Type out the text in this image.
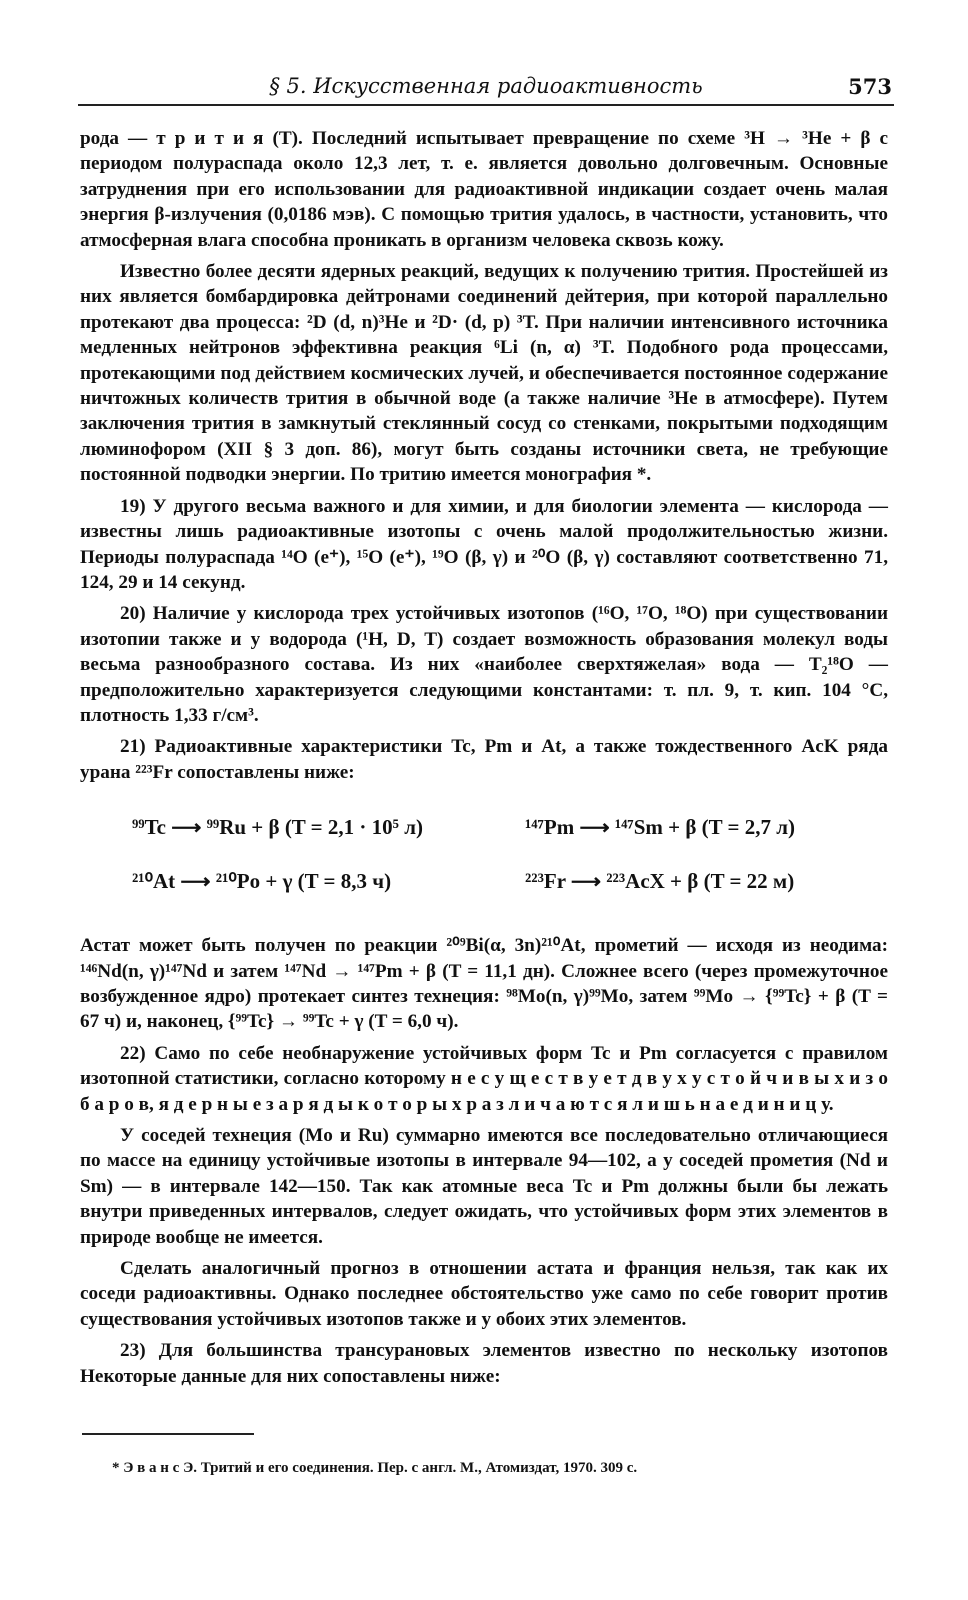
§ 5. Искусственная радиоактивность	573

рода — т р и т и я (Т). Последний испытывает превращение по схеме ³H → ³He + β с периодом полураспада около 12,3 лет, т. е. является довольно долговечным. Основные затруднения при его использовании для радиоактивной индикации создает очень малая энергия β-излучения (0,0186 мэв). С помощью трития удалось, в частности, установить, что атмосферная влага способна проникать в организм человека сквозь кожу.

Известно более десяти ядерных реакций, ведущих к получению трития. Простейшей из них является бомбардировка дейтронами соединений дейтерия, при которой параллельно протекают два процесса: ²D (d, n)³He и ²D· (d, p) ³T. При наличии интенсивного источника медленных нейтронов эффективна реакция ⁶Li (n, α) ³T. Подобного рода процессами, протекающими под действием космических лучей, и обеспечивается постоянное содержание ничтожных количеств трития в обычной воде (а также наличие ³He в атмосфере). Путем заключения трития в замкнутый стеклянный сосуд со стенками, покрытыми подходящим люминофором (XII § 3 доп. 86), могут быть созданы источники света, не требующие постоянной подводки энергии. По тритию имеется монография *.

19) У другого весьма важного и для химии, и для биологии элемента — кислорода — известны лишь радиоактивные изотопы с очень малой продолжительностью жизни. Периоды полураспада ¹⁴O (e⁺), ¹⁵O (e⁺), ¹⁹O (β, γ) и ²⁰O (β, γ) составляют соответственно 71, 124, 29 и 14 секунд.

20) Наличие у кислорода трех устойчивых изотопов (¹⁶O, ¹⁷O, ¹⁸O) при существовании изотопии также и у водорода (¹H, D, T) создает возможность образования молекул воды весьма разнообразного состава. Из них «наиболее сверхтяжелая» вода — T₂¹⁸O — предположительно характеризуется следующими константами: т. пл. 9, т. кип. 104 °С, плотность 1,33 г/см³.

21) Радиоактивные характеристики Tc, Pm и At, а также тождественного AcK ряда урана ²²³Fr сопоставлены ниже:

⁹⁹Tc ⟶ ⁹⁹Ru + β (T = 2,1 · 10⁵ л)	¹⁴⁷Pm ⟶ ¹⁴⁷Sm + β (T = 2,7 л)
²¹⁰At ⟶ ²¹⁰Po + γ (T = 8,3 ч)	²²³Fr ⟶ ²²³AcX + β (T = 22 м)

Астат может быть получен по реакции ²⁰⁹Bi(α, 3n)²¹⁰At, прометий — исходя из неодима: ¹⁴⁶Nd(n, γ)¹⁴⁷Nd и затем ¹⁴⁷Nd → ¹⁴⁷Pm + β (T = 11,1 дн). Сложнее всего (через промежуточное возбужденное ядро) протекает синтез технеция: ⁹⁸Mo(n, γ)⁹⁹Mo, затем ⁹⁹Mo → {⁹⁹Tc} + β (T = 67 ч) и, наконец, {⁹⁹Tc} → ⁹⁹Tc + γ (T = 6,0 ч).

22) Само по себе необнаружение устойчивых форм Tc и Pm согласуется с правилом изотопной статистики, согласно которому н е с у щ е с т в у е т д в у х у с т о й ч и в ы х и з о б а р о в, я д е р н ы е з а р я д ы к о т о р ы х р а з л и ч а ю т с я л и ш ь н а е д и н и ц у.

У соседей технеция (Mo и Ru) суммарно имеются все последовательно отличающиеся по массе на единицу устойчивые изотопы в интервале 94—102, а у соседей прометия (Nd и Sm) — в интервале 142—150. Так как атомные веса Tc и Pm должны были бы лежать внутри приведенных интервалов, следует ожидать, что устойчивых форм этих элементов в природе вообще не имеется.

Сделать аналогичный прогноз в отношении астата и франция нельзя, так как их соседи радиоактивны. Однако последнее обстоятельство уже само по себе говорит против существования устойчивых изотопов также и у обоих этих элементов.

23) Для большинства трансурановых элементов известно по нескольку изотопов Некоторые данные для них сопоставлены ниже:

* Э в а н с Э. Тритий и его соединения. Пер. с англ. М., Атомиздат, 1970. 309 с.
